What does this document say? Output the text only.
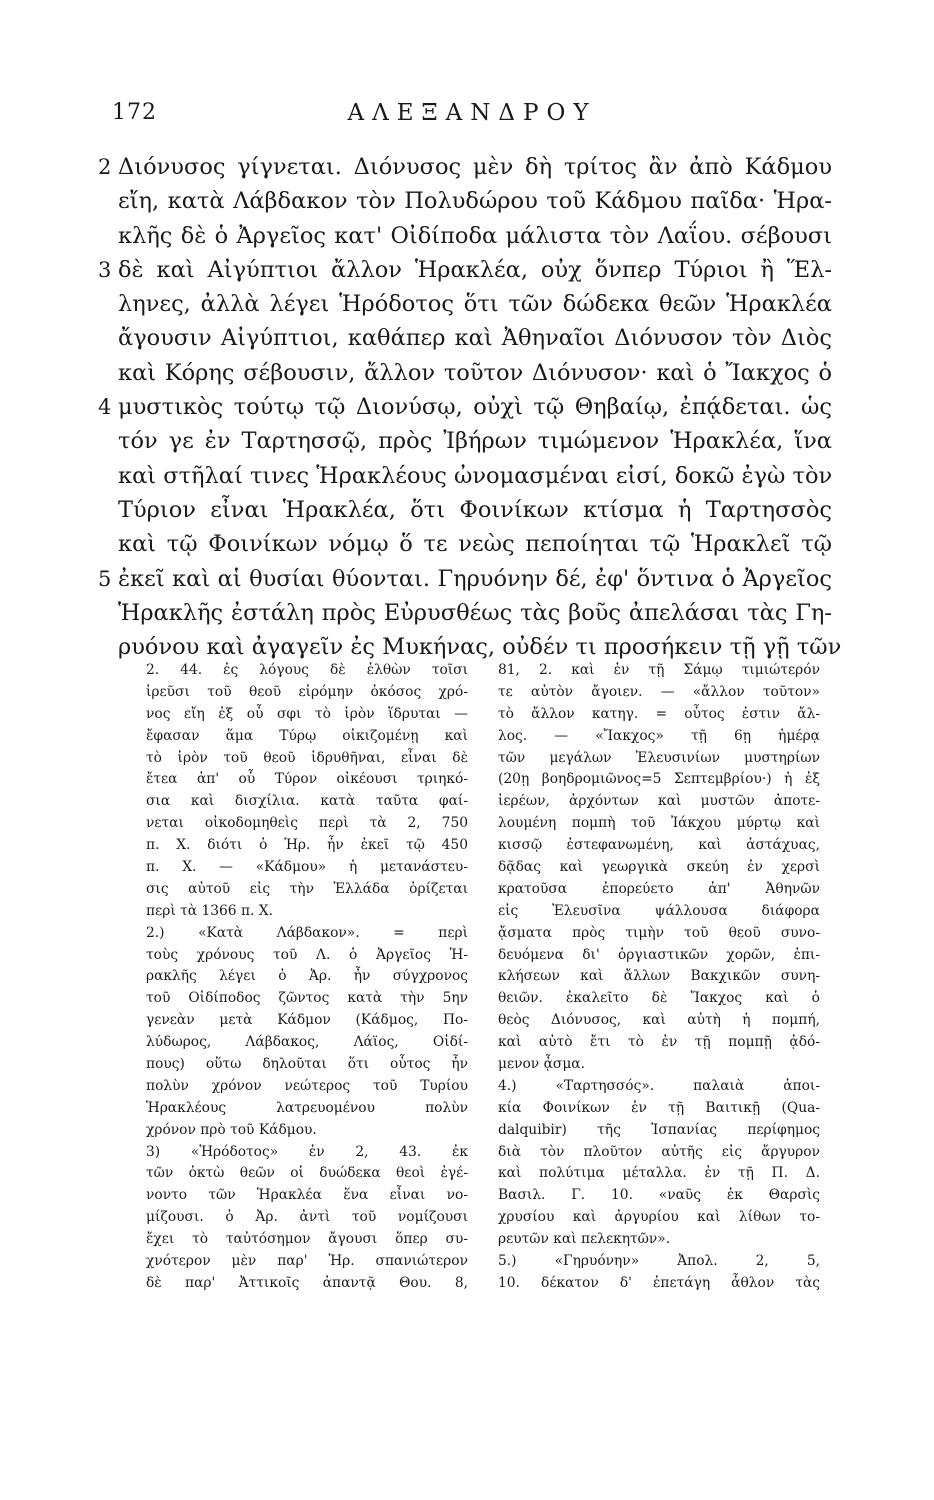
172	ΑΛΕΞΑΝΔΡΟΥ
2 Διόνυσος γίγνεται. Διόνυσος μὲν δὴ τρίτος ἂν ἀπὸ Κάδμου
εἴη, κατὰ Λάβδακον τὸν Πολυδώρου τοῦ Κάδμου παῖδα· Ἡρα-
κλῆς δὲ ὁ Ἀργεῖος κατ' Οἰδίποδα μάλιστα τὸν Λαΐου. σέβουσι
3 δὲ καὶ Αἰγύπτιοι ἄλλον Ἡρακλέα, οὐχ ὅνπερ Τύριοι ἢ Ἕλ-
ληνες, ἀλλὰ λέγει Ἡρόδοτος ὅτι τῶν δώδεκα θεῶν Ἡρακλέα
ἄγουσιν Αἰγύπτιοι, καθάπερ καὶ Ἀθηναῖοι Διόνυσον τὸν Διὸς
καὶ Κόρης σέβουσιν, ἄλλον τοῦτον Διόνυσον· καὶ ὁ Ἴακχος ὁ
4 μυστικὸς τούτῳ τῷ Διονύσῳ, οὐχὶ τῷ Θηβαίῳ, ἐπᾴδεται. ὡς
τόν γε ἐν Ταρτησσῷ, πρὸς Ἰβήρων τιμώμενον Ἡρακλέα, ἵνα
καὶ στῆλαί τινες Ἡρακλέους ὠνομασμέναι εἰσί, δοκῶ ἐγὼ τὸν
Τύριον εἶναι Ἡρακλέα, ὅτι Φοινίκων κτίσμα ἡ Ταρτησσὸς
καὶ τῷ Φοινίκων νόμῳ ὅ τε νεὼς πεποίηται τῷ Ἡρακλεῖ τῷ
5 ἐκεῖ καὶ αἱ θυσίαι θύονται. Γηρυόνην δέ, ἐφ' ὅντινα ὁ Ἀργεῖος
Ἡρακλῆς ἐστάλη πρὸς Εὐρυσθέως τὰς βοῦς ἀπελάσαι τὰς Γη-
ρυόνου καὶ ἀγαγεῖν ἐς Μυκήνας, οὐδέν τι προσήκειν τῇ γῇ τῶν
2. 44. ἐς λόγους δὲ ἐλθὼν τοῖσι
ἱρεῦσι τοῦ θεοῦ εἰρόμην ὁκόσος χρό-
νος εἴη ἐξ οὗ σφι τὸ ἱρὸν ἵδρυται —
ἔφασαν ἅμα Τύρῳ οἰκιζομένῃ καὶ
τὸ ἱρὸν τοῦ θεοῦ ἱδρυθῆναι, εἶναι δὲ
ἔτεα ἀπ' οὗ Τύρον οἰκέουσι τριηκό-
σια καὶ δισχίλια. κατὰ ταῦτα φαί-
νεται οἰκοδομηθεὶς περὶ τὰ 2, 750
π. Χ. διότι ὁ Ἡρ. ἦν ἐκεῖ τῷ 450
π. Χ. — «Κάδμου» ἡ μετανάστευ-
σις αὐτοῦ εἰς τὴν Ἑλλάδα ὁρίζεται
περὶ τὰ 1366 π. Χ.
2.) «Κατὰ Λάβδακον». = περὶ
τοὺς χρόνους τοῦ Λ. ὁ Ἀργεῖος Ἡ-
ρακλῆς λέγει ὁ Ἀρ. ἦν σύγχρονος
τοῦ Οἰδίποδος ζῶντος κατὰ τὴν 5ην
γενεὰν μετὰ Κάδμον (Κάδμος, Πο-
λύδωρος, Λάβδακος, Λάϊος, Οἰδί-
πους) οὕτω δηλοῦται ὅτι οὗτος ἦν
πολὺν χρόνον νεώτερος τοῦ Τυρίου
Ἡρακλέους λατρευομένου πολὺν
χρόνον πρὸ τοῦ Κάδμου.
3) «Ἡρόδοτος» ἐν 2, 43. ἐκ
τῶν ὀκτὼ θεῶν οἱ δυώδεκα θεοὶ ἐγέ-
νοντο τῶν Ἡρακλέα ἕνα εἶναι νο-
μίζουσι. ὁ Ἀρ. ἀντὶ τοῦ νομίζουσι
ἔχει τὸ ταὐτόσημον ἄγουσι ὅπερ συ-
χνότερον μὲν παρ' Ἡρ. σπανιώτερον
δὲ παρ' Ἀττικοῖς ἀπαντᾷ Θου. 8,
81, 2. καὶ ἐν τῇ Σάμῳ τιμιώτερόν
τε αὐτὸν ἄγοιεν. — «ἄλλον τοῦτον»
τὸ ἄλλον κατηγ. = οὗτος ἐστιν ἄλ-
λος. — «Ἴακχος» τῇ 6ῃ ἡμέρᾳ
τῶν μεγάλων Ἐλευσινίων μυστηρίων
(20ῃ βοηδρομιῶνος=5 Σεπτεμβρίου·) ἡ ἐξ
ἱερέων, ἀρχόντων καὶ μυστῶν ἀποτε-
λουμένη πομπὴ τοῦ Ἰάκχου μύρτῳ καὶ
κισσῷ ἐστεφανωμένη, καὶ ἀστάχυας,
δᾷδας καὶ γεωργικὰ σκεύη ἐν χερσὶ
κρατοῦσα ἐπορεύετο ἀπ' Ἀθηνῶν
εἰς Ἐλευσῖνα ψάλλουσα διάφορα
ᾄσματα πρὸς τιμὴν τοῦ θεοῦ συνο-
δευόμενα δι' ὀργιαστικῶν χορῶν, ἐπι-
κλήσεων καὶ ἄλλων Βακχικῶν συνη-
θειῶν. ἐκαλεῖτο δὲ Ἴακχος καὶ ὁ
θεὸς Διόνυσος, καὶ αὐτὴ ἡ πομπή,
καὶ αὐτὸ ἔτι τὸ ἐν τῇ πομπῇ ᾀδό-
μενον ᾆσμα.
4.) «Ταρτησσός». παλαιὰ ἀποι-
κία Φοινίκων ἐν τῇ Βαιτικῇ (Qua-
dalquibir) τῆς Ἰσπανίας περίφημος
διὰ τὸν πλοῦτον αὐτῆς εἰς ἄργυρον
καὶ πολύτιμα μέταλλα. ἐν τῇ Π. Δ.
Βασιλ. Γ. 10. «ναῦς ἐκ Θαρσὶς
χρυσίου καὶ ἀργυρίου καὶ λίθων το-
ρευτῶν καὶ πελεκητῶν».
5.) «Γηρυόνην» Ἀπολ. 2, 5,
10. δέκατον δ' ἐπετάγη ἆθλον τὰς
